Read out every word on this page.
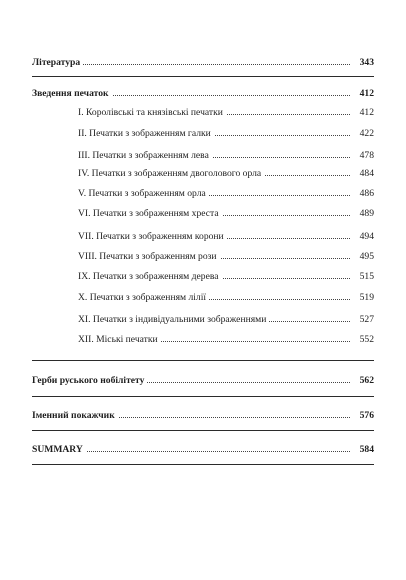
Література	343
Зведення печаток	412
I. Королівські та князівські печатки	412
II. Печатки з зображенням галки	422
III. Печатки з зображенням лева	478
IV. Печатки з зображенням двоголового орла	484
V. Печатки з зображенням орла	486
VI. Печатки з зображенням хреста	489
VII. Печатки з зображенням корони	494
VIII. Печатки з зображенням рози	495
IX. Печатки з зображенням дерева	515
X. Печатки з зображенням лілії	519
XI. Печатки з індивідуальними зображеннями	527
XII. Міські печатки	552
Герби руського нобілітету	562
Іменний покажчик	576
SUMMARY	584
